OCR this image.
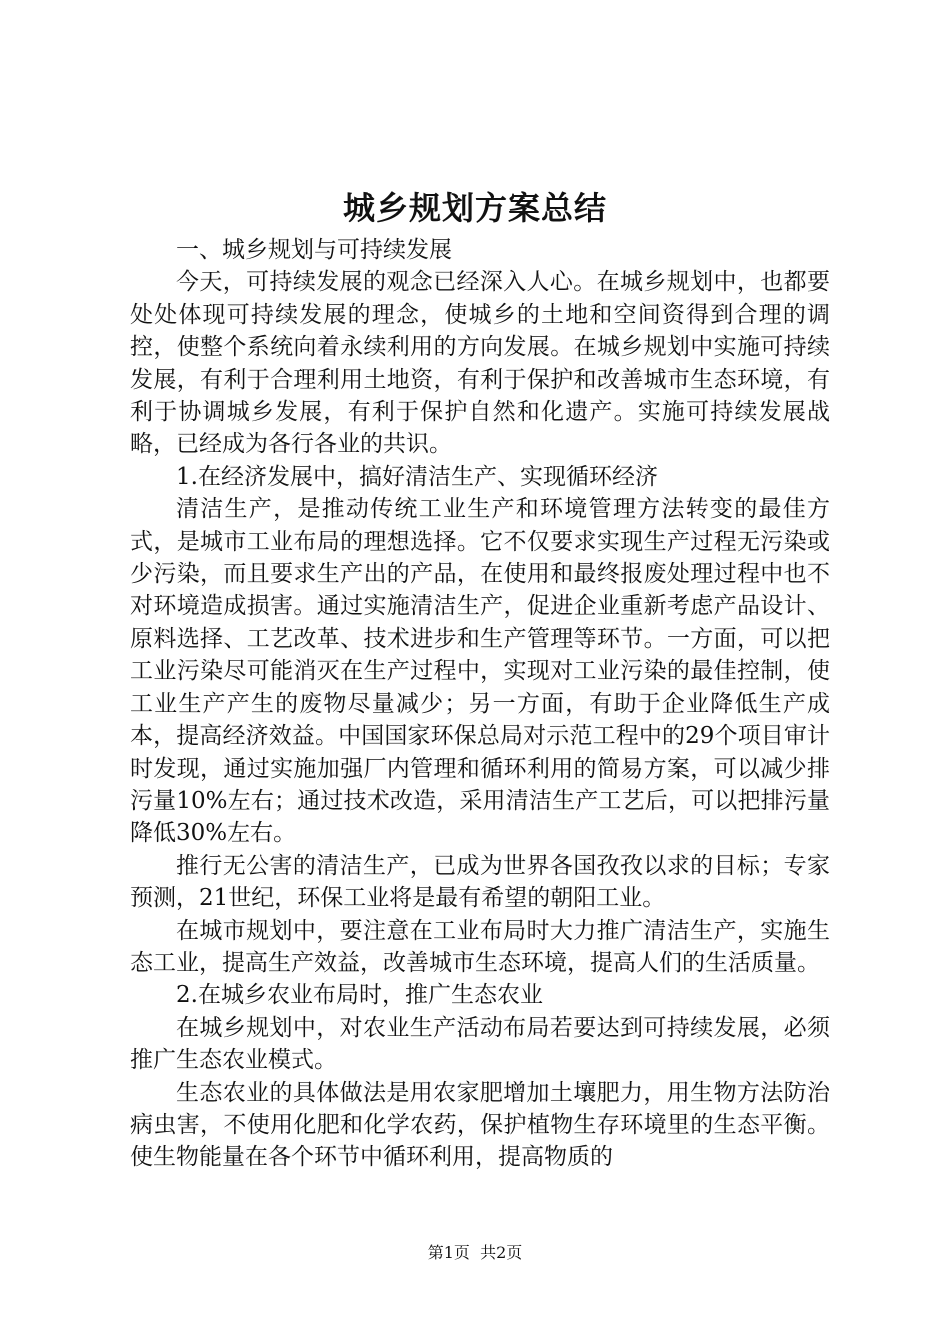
城乡规划方案总结

一、城乡规划与可持续发展

今天，可持续发展的观念已经深入人心。在城乡规划中，也都要处处体现可持续发展的理念，使城乡的土地和空间资得到合理的调控，使整个系统向着永续利用的方向发展。在城乡规划中实施可持续发展，有利于合理利用土地资，有利于保护和改善城市生态环境，有利于协调城乡发展，有利于保护自然和化遗产。实施可持续发展战略，已经成为各行各业的共识。

1.在经济发展中，搞好清洁生产、实现循环经济

清洁生产，是推动传统工业生产和环境管理方法转变的最佳方式，是城市工业布局的理想选择。它不仅要求实现生产过程无污染或少污染，而且要求生产出的产品，在使用和最终报废处理过程中也不对环境造成损害。通过实施清洁生产，促进企业重新考虑产品设计、原料选择、工艺改革、技术进步和生产管理等环节。一方面，可以把工业污染尽可能消灭在生产过程中，实现对工业污染的最佳控制，使工业生产产生的废物尽量减少；另一方面，有助于企业降低生产成本，提高经济效益。中国国家环保总局对示范工程中的29个项目审计时发现，通过实施加强厂内管理和循环利用的简易方案，可以减少排污量10%左右；通过技术改造，采用清洁生产工艺后，可以把排污量降低30%左右。

推行无公害的清洁生产，已成为世界各国孜孜以求的目标；专家预测，21世纪，环保工业将是最有希望的朝阳工业。

在城市规划中，要注意在工业布局时大力推广清洁生产，实施生态工业，提高生产效益，改善城市生态环境，提高人们的生活质量。

2.在城乡农业布局时，推广生态农业

在城乡规划中，对农业生产活动布局若要达到可持续发展，必须推广生态农业模式。

生态农业的具体做法是用农家肥增加土壤肥力，用生物方法防治病虫害，不使用化肥和化学农药，保护植物生存环境里的生态平衡。使生物能量在各个环节中循环利用，提高物质的

第1页 共2页
